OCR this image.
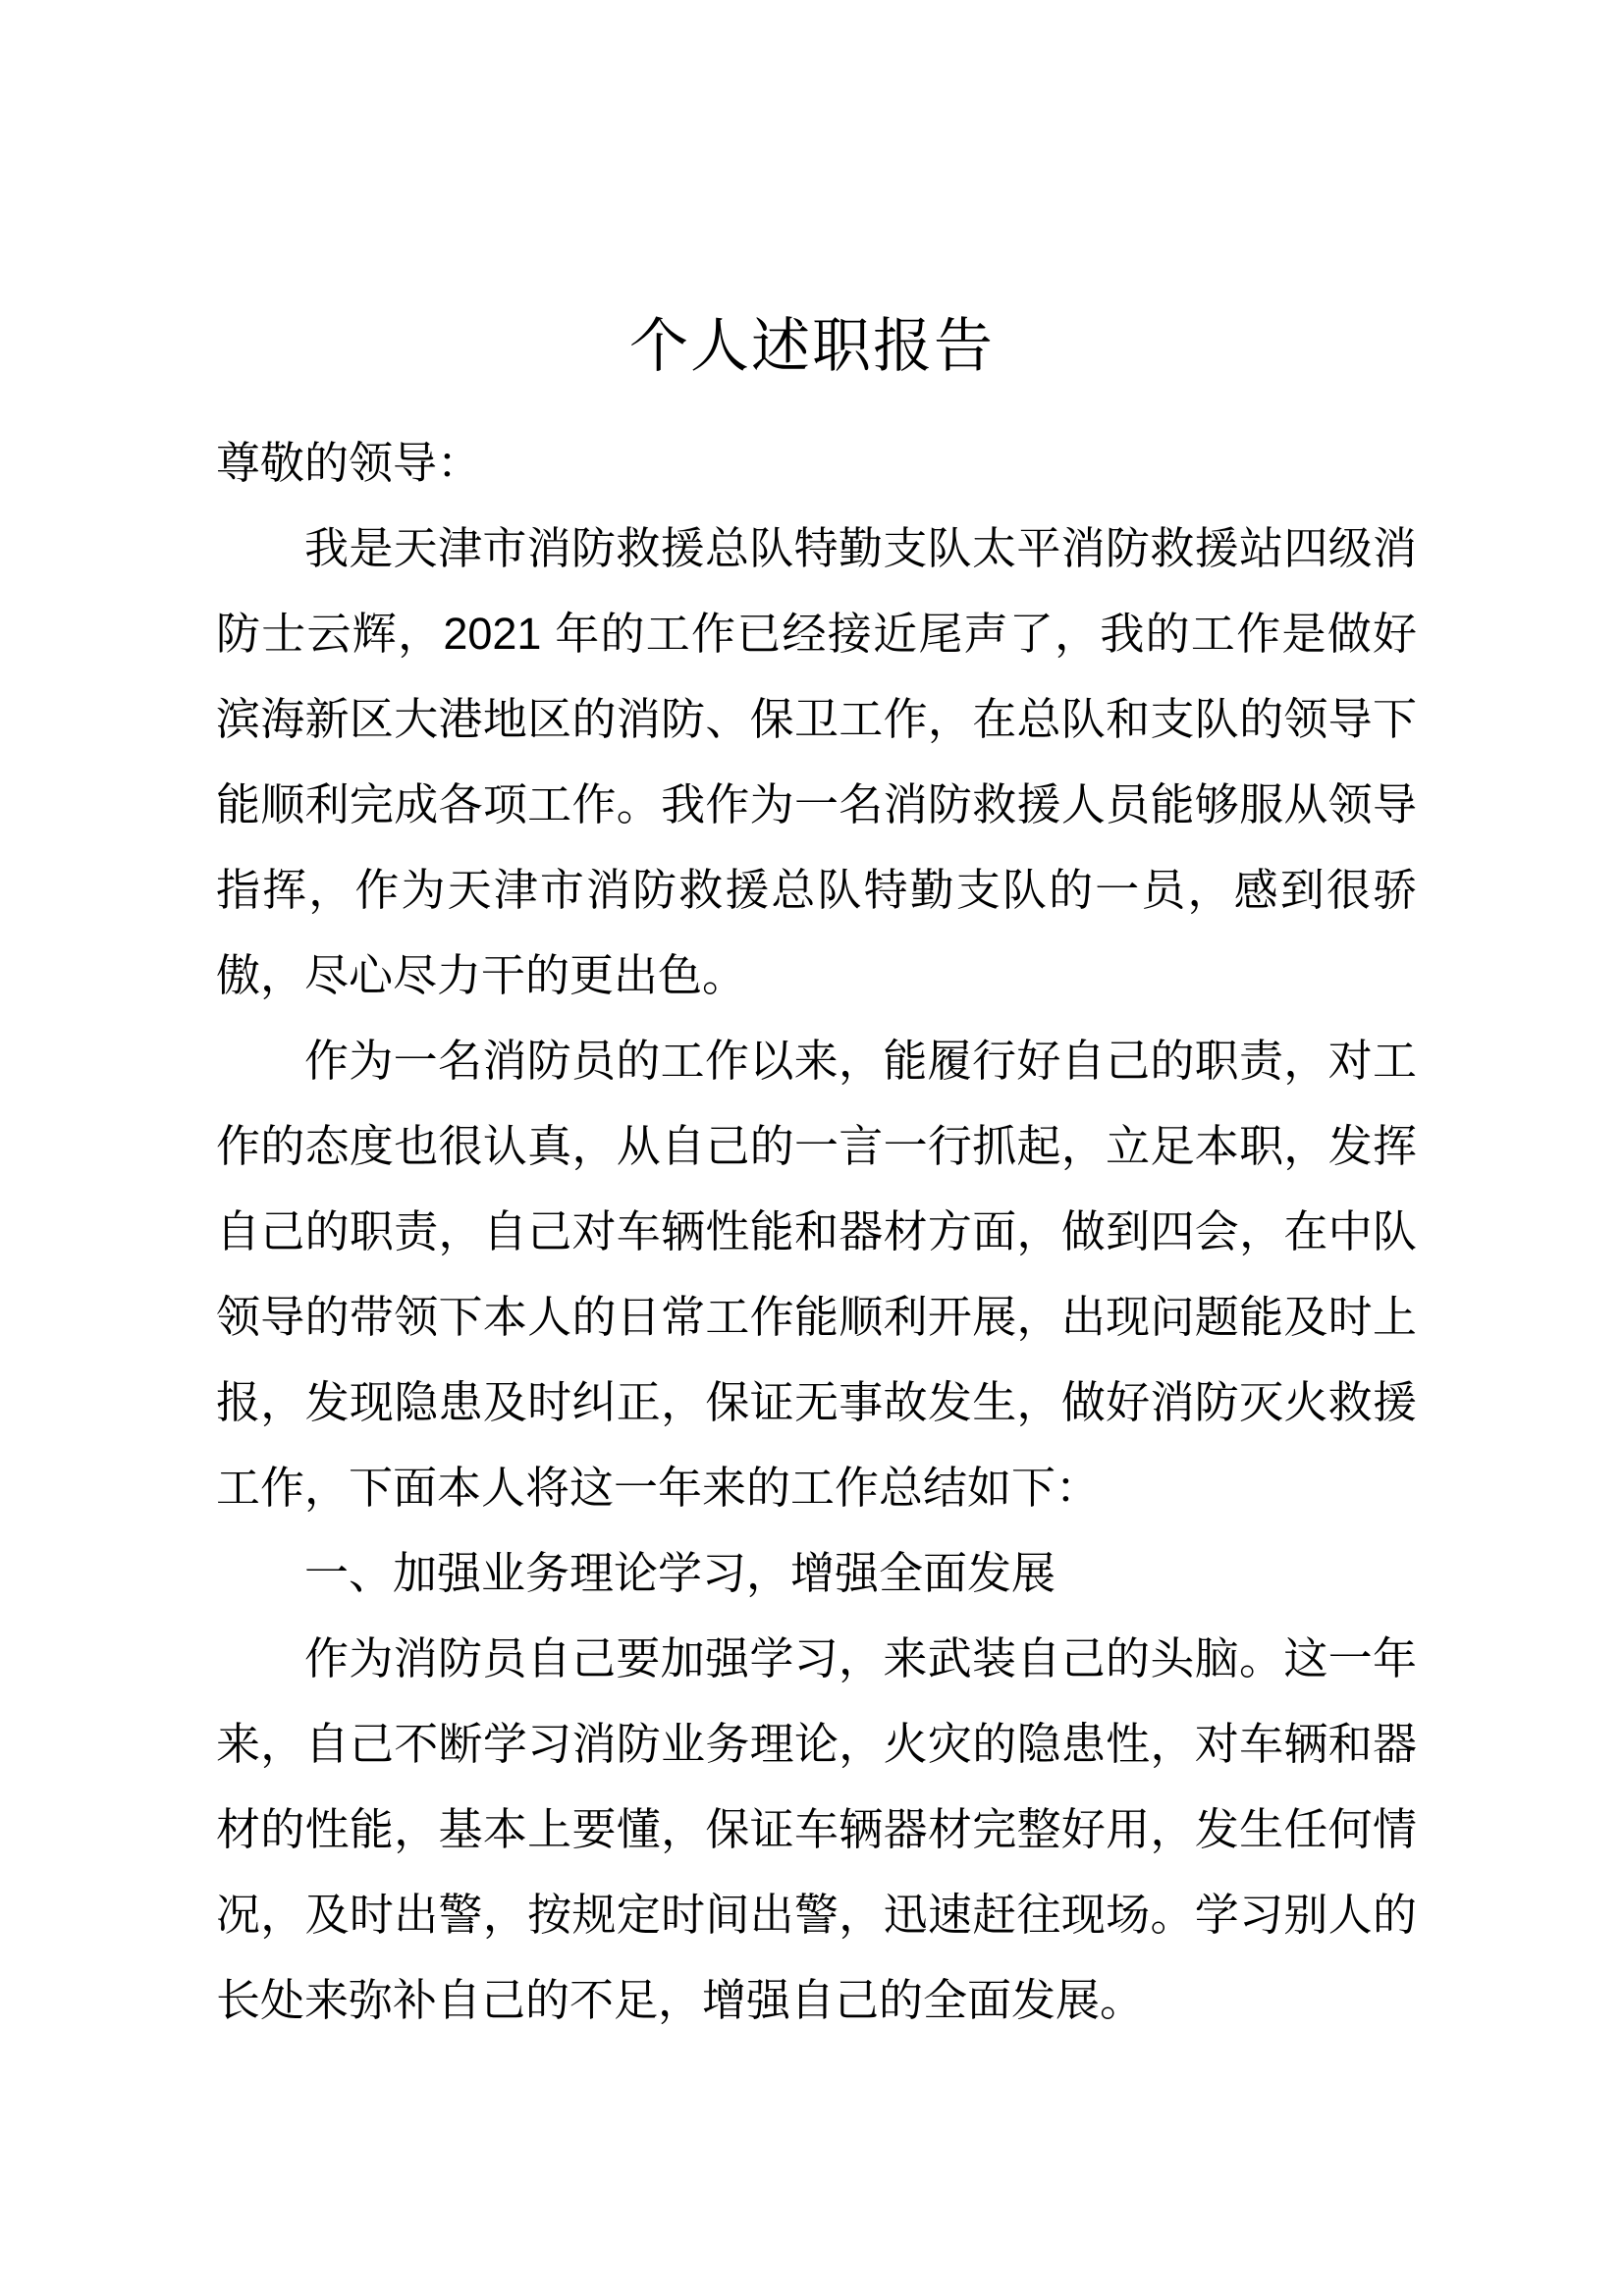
个人述职报告

尊敬的领导：

我是天津市消防救援总队特勤支队太平消防救援站四级消防士云辉，2021 年的工作已经接近尾声了，我的工作是做好滨海新区大港地区的消防、保卫工作，在总队和支队的领导下能顺利完成各项工作。我作为一名消防救援人员能够服从领导指挥，作为天津市消防救援总队特勤支队的一员，感到很骄傲，尽心尽力干的更出色。

作为一名消防员的工作以来，能履行好自己的职责，对工作的态度也很认真，从自己的一言一行抓起，立足本职，发挥自己的职责，自己对车辆性能和器材方面，做到四会，在中队领导的带领下本人的日常工作能顺利开展，出现问题能及时上报，发现隐患及时纠正，保证无事故发生，做好消防灭火救援工作，下面本人将这一年来的工作总结如下：

一、加强业务理论学习，增强全面发展

作为消防员自己要加强学习，来武装自己的头脑。这一年来，自己不断学习消防业务理论，火灾的隐患性，对车辆和器材的性能，基本上要懂，保证车辆器材完整好用，发生任何情况，及时出警，按规定时间出警，迅速赶往现场。学习别人的长处来弥补自己的不足，增强自己的全面发展。
